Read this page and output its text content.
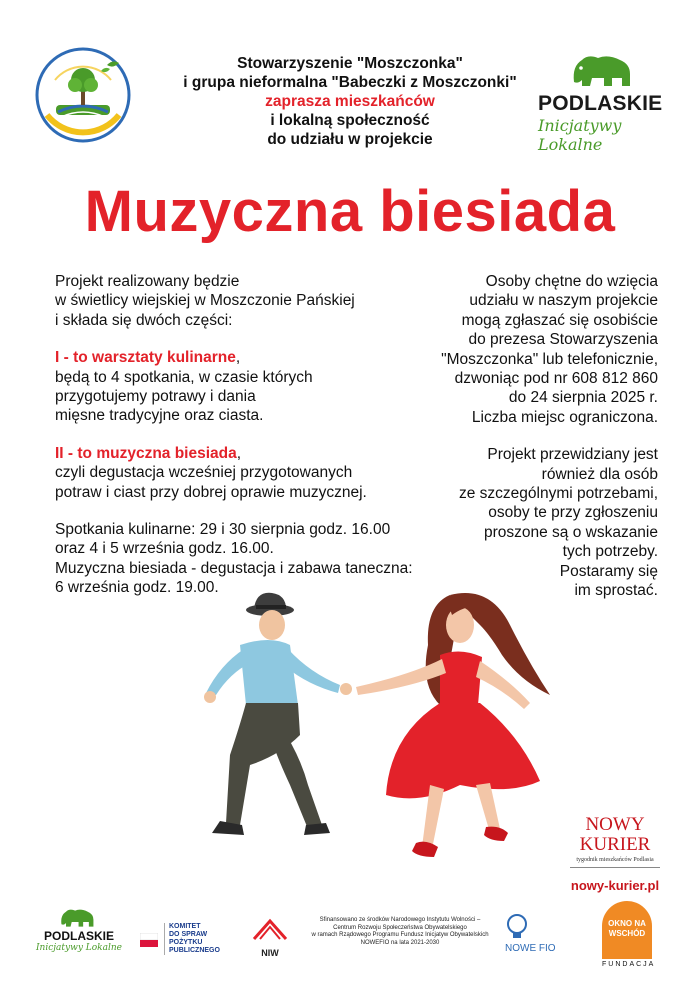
Stowarzyszenie "Moszczonka"
i grupa nieformalna "Babeczki z Moszczonki"
zaprasza mieszkańców
i lokalną społeczność
do udziału w projekcie
PODLASKIE
Inicjatywy Lokalne
Muzyczna biesiada

Projekt realizowany będzie
w świetlicy wiejskiej w Moszczonie Pańskiej
i składa się dwóch części:

I - to warsztaty kulinarne,
będą to 4 spotkania, w czasie których
przygotujemy potrawy i dania
mięsne tradycyjne oraz ciasta.

II - to muzyczna biesiada,
czyli degustacja wcześniej przygotowanych
potraw i ciast przy dobrej oprawie muzycznej.

Spotkania kulinarne: 29 i 30 sierpnia godz. 16.00
oraz 4 i 5 września godz. 16.00.
Muzyczna biesiada - degustacja i zabawa taneczna:
6 września godz. 19.00.

Osoby chętne do wzięcia
udziału w naszym projekcie
mogą zgłaszać się osobiście
do prezesa Stowarzyszenia
"Moszczonka" lub telefonicznie,
dzwoniąc pod nr 608 812 860
do 24 sierpnia 2025 r.
Liczba miejsc ograniczona.

Projekt przewidziany jest
również dla osób
ze szczególnymi potrzebami,
osoby te przy zgłoszeniu
proszone są o wskazanie
tych potrzeby.
Postaramy się
im sprostać.

NOWY
KURIER
tygodnik mieszkańców Podlasia
nowy-kurier.pl
PODLASKIE
Inicjatywy Lokalne
KOMITET
DO SPRAW
POŻYTKU
PUBLICZNEGO	NIW
Sfinansowano ze środków Narodowego Instytutu Wolności –
Centrum Rozwoju Społeczeństwa Obywatelskiego
w ramach Rządowego Programu Fundusz Inicjatyw Obywatelskich
NOWEFIO na lata 2021-2030
NOWE FIO
OKNO NA
WSCHÓD
FUNDACJA
